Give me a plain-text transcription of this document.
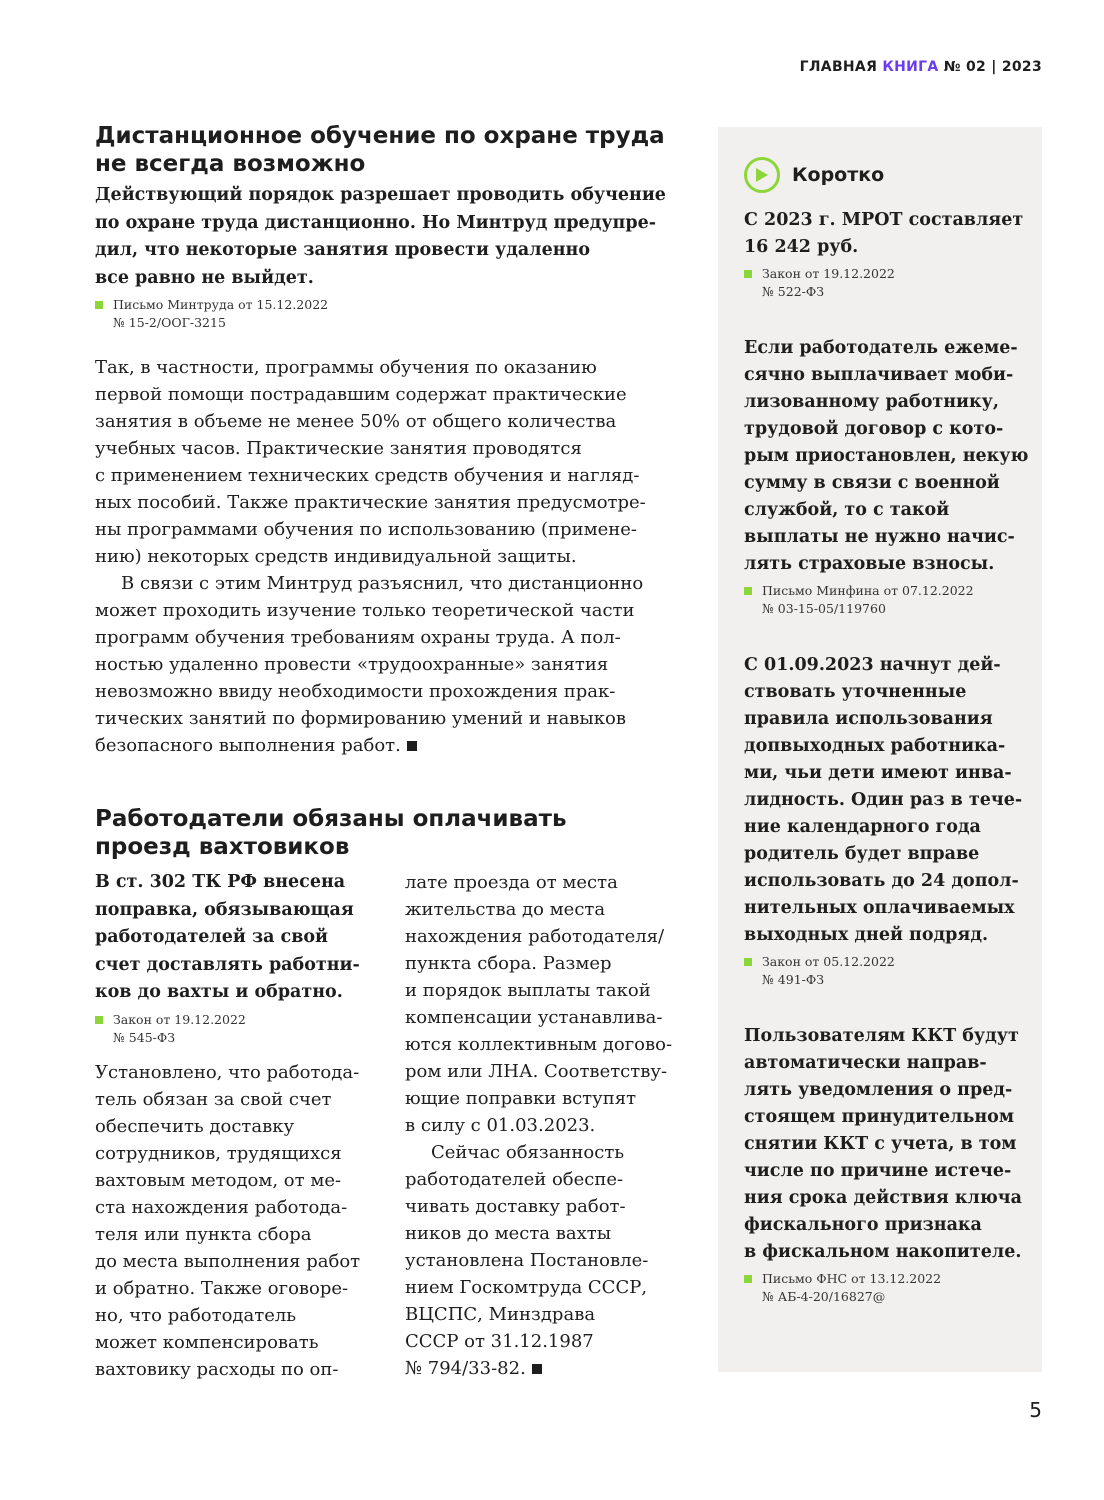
ГЛАВНАЯ КНИГА № 02 | 2023
Дистанционное обучение по охране труда
не всегда возможно

Действующий порядок разрешает проводить обучение
по охране труда дистанционно. Но Минтруд предупре-
дил, что некоторые занятия провести удаленно
все равно не выйдет.

Письмо Минтруда от 15.12.2022
№ 15-2/ООГ-3215

Так, в частности, программы обучения по оказанию
первой помощи пострадавшим содержат практические
занятия в объеме не менее 50% от общего количества
учебных часов. Практические занятия проводятся
с применением технических средств обучения и нагляд-
ных пособий. Также практические занятия предусмотре-
ны программами обучения по использованию (примене-
нию) некоторых средств индивидуальной защиты.

В связи с этим Минтруд разъяснил, что дистанционно
может проходить изучение только теоретической части
программ обучения требованиям охраны труда. А пол-
ностью удаленно провести «трудоохранные» занятия
невозможно ввиду необходимости прохождения прак-
тических занятий по формированию умений и навыков
безопасного выполнения работ.

Работодатели обязаны оплачивать
проезд вахтовиков

В ст. 302 ТК РФ внесена
поправка, обязывающая
работодателей за свой
счет доставлять работни-
ков до вахты и обратно.

Закон от 19.12.2022
№ 545-ФЗ

Установлено, что работода-
тель обязан за свой счет
обеспечить доставку
сотрудников, трудящихся
вахтовым методом, от ме-
ста нахождения работода-
теля или пункта сбора
до места выполнения работ
и обратно. Также оговоре-
но, что работодатель
может компенсировать
вахтовику расходы по оп-

лате проезда от места
жительства до места
нахождения работодателя/
пункта сбора. Размер
и порядок выплаты такой
компенсации устанавлива-
ются коллективным догово-
ром или ЛНА. Соответству-
ющие поправки вступят
в силу с 01.03.2023.

Сейчас обязанность
работодателей обеспе-
чивать доставку работ-
ников до места вахты
установлена Постановле-
нием Госкомтруда СССР,
ВЦСПС, Минздрава
СССР от 31.12.1987
№ 794/33-82.

Коротко

С 2023 г. МРОТ составляет
16 242 руб.

Закон от 19.12.2022
№ 522-ФЗ

Если работодатель ежеме-
сячно выплачивает моби-
лизованному работнику,
трудовой договор с кото-
рым приостановлен, некую
сумму в связи с военной
службой, то с такой
выплаты не нужно начис-
лять страховые взносы.

Письмо Минфина от 07.12.2022
№ 03-15-05/119760

С 01.09.2023 начнут дей-
ствовать уточненные
правила использования
допвыходных работника-
ми, чьи дети имеют инва-
лидность. Один раз в тече-
ние календарного года
родитель будет вправе
использовать до 24 допол-
нительных оплачиваемых
выходных дней подряд.

Закон от 05.12.2022
№ 491-ФЗ

Пользователям ККТ будут
автоматически направ-
лять уведомления о пред-
стоящем принудительном
снятии ККТ с учета, в том
числе по причине истече-
ния срока действия ключа
фискального признака
в фискальном накопителе.

Письмо ФНС от 13.12.2022
№ АБ-4-20/16827@
5
